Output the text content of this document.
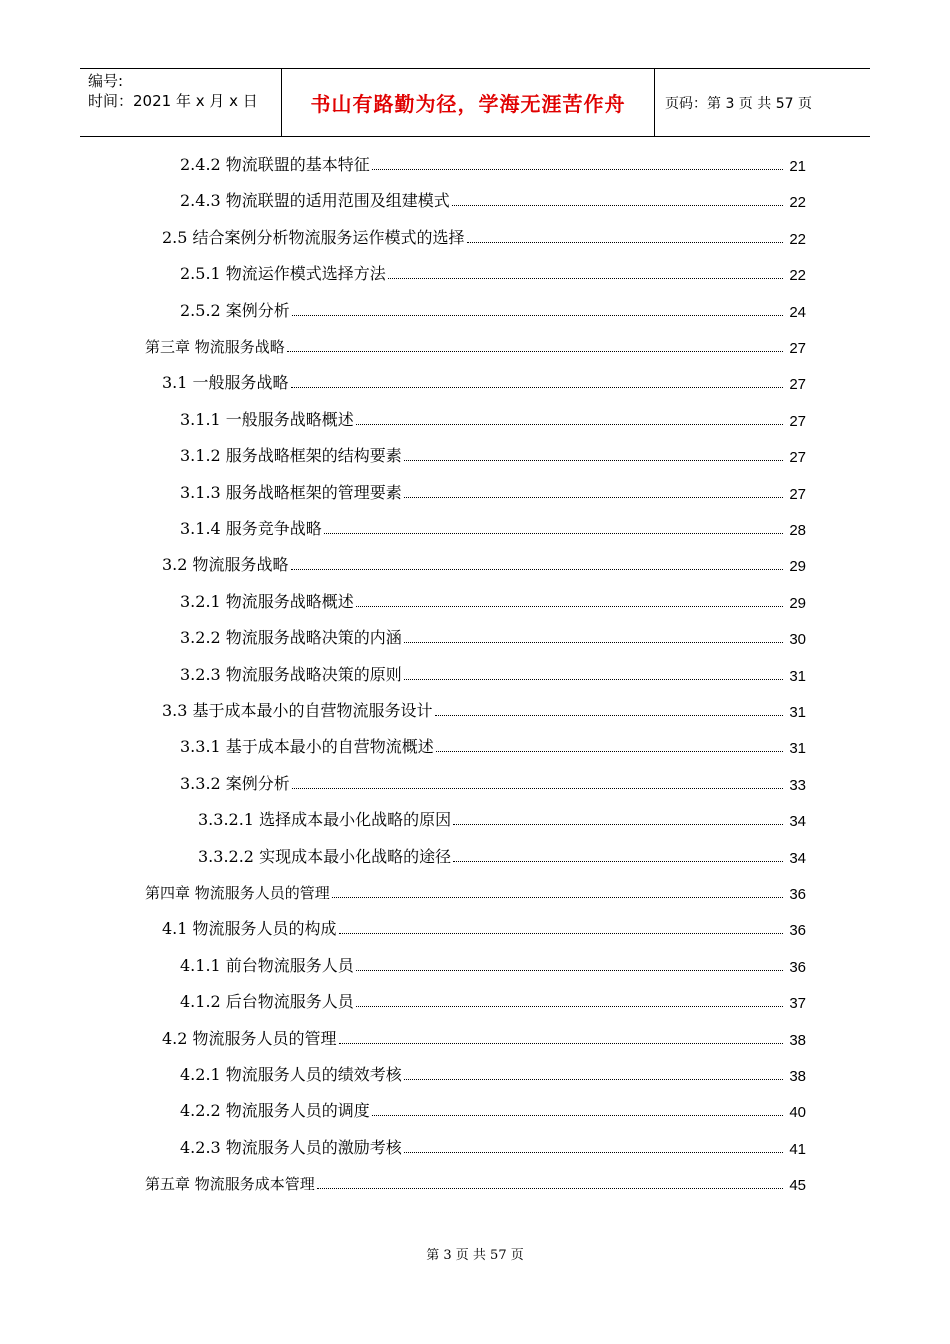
编号:
时间：2021 年 x 月 x 日	书山有路勤为径，学海无涯苦作舟	页码：第 3 页 共 57 页
2.4.2 物流联盟的基本特征	21
2.4.3 物流联盟的适用范围及组建模式	22
2.5 结合案例分析物流服务运作模式的选择	22
2.5.1 物流运作模式选择方法	22
2.5.2 案例分析	24
第三章 物流服务战略	27
3.1 一般服务战略	27
3.1.1 一般服务战略概述	27
3.1.2 服务战略框架的结构要素	27
3.1.3 服务战略框架的管理要素	27
3.1.4 服务竞争战略	28
3.2 物流服务战略	29
3.2.1 物流服务战略概述	29
3.2.2 物流服务战略决策的内涵	30
3.2.3 物流服务战略决策的原则	31
3.3 基于成本最小的自营物流服务设计	31
3.3.1 基于成本最小的自营物流概述	31
3.3.2 案例分析	33
3.3.2.1 选择成本最小化战略的原因	34
3.3.2.2 实现成本最小化战略的途径	34
第四章 物流服务人员的管理	36
4.1 物流服务人员的构成	36
4.1.1 前台物流服务人员	36
4.1.2 后台物流服务人员	37
4.2 物流服务人员的管理	38
4.2.1 物流服务人员的绩效考核	38
4.2.2 物流服务人员的调度	40
4.2.3 物流服务人员的激励考核	41
第五章 物流服务成本管理	45
第 3 页 共 57 页
